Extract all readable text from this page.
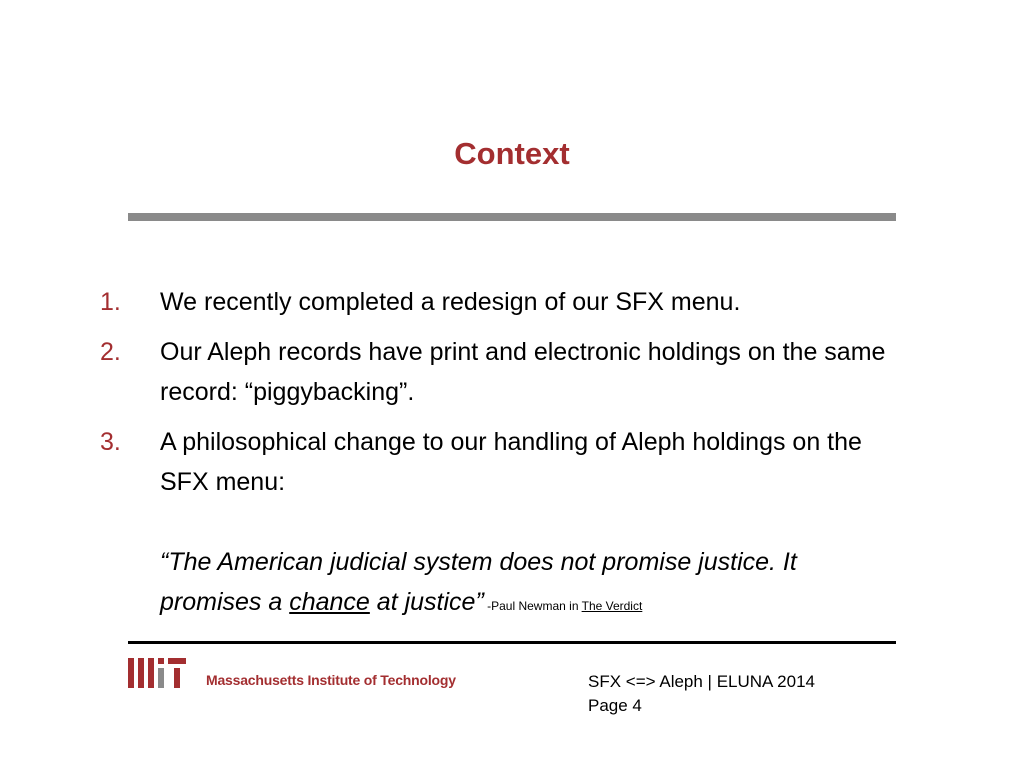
Context
1. We recently completed a redesign of our SFX menu.
2. Our Aleph records have print and electronic holdings on the same record: “piggybacking”.
3. A philosophical change to our handling of Aleph holdings on the SFX menu:
“The American judicial system does not promise justice. It promises a chance at justice” -Paul Newman in The Verdict
Massachusetts Institute of Technology	SFX <=> Aleph | ELUNA 2014
Page 4
